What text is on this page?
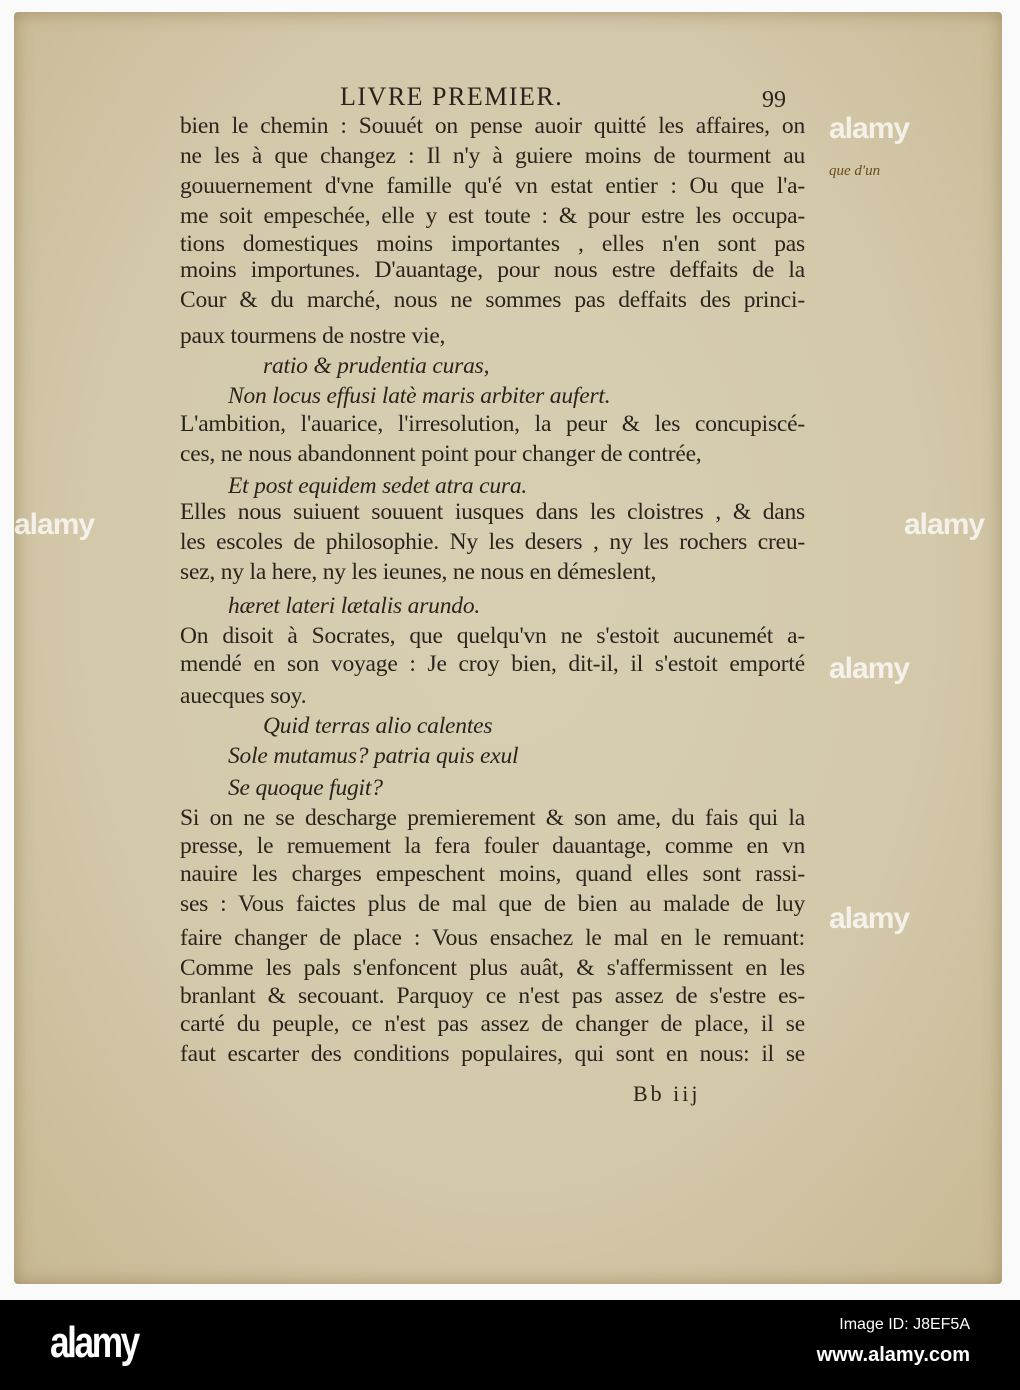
LIVRE PREMIER.	99
bien le chemin : Souuét on pense auoir quitté les affaires, on
ne les à que changez : Il n'y à guiere moins de tourment au
gouuernement d'vne famille qu'é vn estat entier : Ou que l'a-
me soit empeschée, elle y est toute : & pour estre les occupa-
tions domestiques moins importantes , elles n'en sont pas
moins importunes. D'auantage, pour nous estre deffaits de la
Cour & du marché, nous ne sommes pas deffaits des princi-
paux tourmens de nostre vie,
ratio & prudentia curas,
Non locus effusi latè maris arbiter aufert.
L'ambition, l'auarice, l'irresolution, la peur & les concupiscé-
ces, ne nous abandonnent point pour changer de contrée,
Et post equidem sedet atra cura.
Elles nous suiuent souuent iusques dans les cloistres , & dans
les escoles de philosophie. Ny les desers , ny les rochers creu-
sez, ny la here, ny les ieunes, ne nous en démeslent,
hæret lateri lætalis arundo.
On disoit à Socrates, que quelqu'vn ne s'estoit aucunemét a-
mendé en son voyage : Je croy bien, dit-il, il s'estoit emporté
auecques soy.
Quid terras alio calentes
Sole mutamus? patria quis exul
Se quoque fugit?
Si on ne se descharge premierement & son ame, du fais qui la
presse, le remuement la fera fouler dauantage, comme en vn
nauire les charges empeschent moins, quand elles sont rassi-
ses : Vous faictes plus de mal que de bien au malade de luy
faire changer de place : Vous ensachez le mal en le remuant:
Comme les pals s'enfoncent plus auât, & s'affermissent en les
branlant & secouant. Parquoy ce n'est pas assez de s'estre es-
carté du peuple, ce n'est pas assez de changer de place, il se
faut escarter des conditions populaires, qui sont en nous: il se
que d'un
Bb iij
alamy
alamy	alamy
alamy
alamy
alamy	Image ID: J8EF5A
www.alamy.com
